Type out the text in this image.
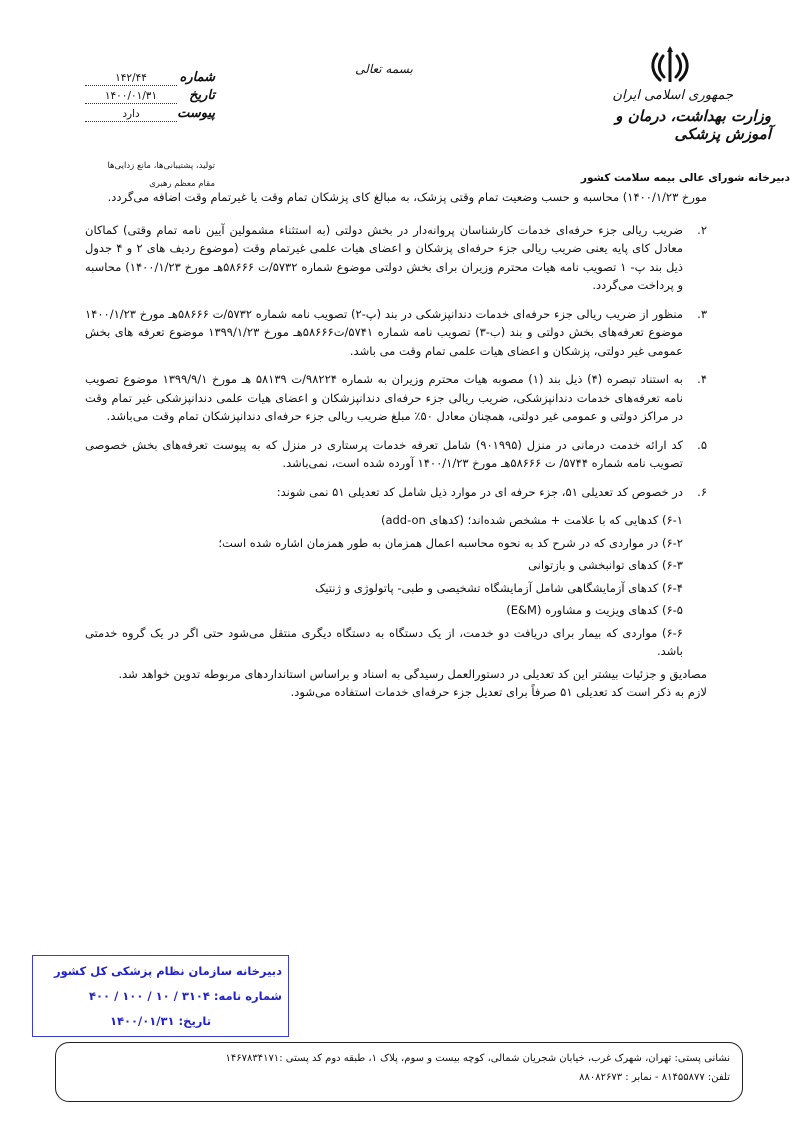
جمهوری اسلامی ایران
وزارت بهداشت، درمان و آموزش پزشکی
دبیرخانه شورای عالی بیمه سلامت کشور
بسمه تعالی
شماره
۱۴۲/۴۴
تاریخ
۱۴۰۰/۰۱/۳۱
پیوست
دارد
تولید، پشتیبانی‌ها، مانع زدایی‌ها
مقام معظم رهبری

مورخ ۱۴۰۰/۱/۲۳) محاسبه و حسب وضعیت تمام وقتی پزشک، به مبالغ کای پزشکان تمام وقت یا غیرتمام وقت اضافه می‌گردد.

۲.
ضریب ریالی جزء حرفه‌ای خدمات کارشناسان پروانه‌دار در بخش دولتی (به استثناء مشمولین آیین نامه تمام وقتی) کماکان معادل کای پایه یعنی ضریب ریالی جزء حرفه‌ای پزشکان و اعضای هیات علمی غیرتمام وقت (موضوع ردیف های ۲ و ۴ جدول ذیل بند پ- ۱ تصویب نامه هیات محترم وزیران برای بخش دولتی موضوع شماره ۵۷۳۲/ت ۵۸۶۶۶هـ مورخ ۱۴۰۰/۱/۲۳) محاسبه و پرداخت می‌گردد.
۳.
منظور از ضریب ریالی جزء حرفه‌ای خدمات دندانپزشکی در بند (پ-۲) تصویب نامه شماره ۵۷۳۲/ت ۵۸۶۶۶هـ مورخ ۱۴۰۰/۱/۲۳ موضوع تعرفه‌های بخش دولتی و بند (ب-۳) تصویب نامه شماره ۵۷۴۱/ت۵۸۶۶۶هـ مورخ ۱۳۹۹/۱/۲۳ موضوع تعرفه های بخش عمومی غیر دولتی، پزشکان و اعضای هیات علمی تمام وقت می باشد.
۴.
به استناد تبصره (۴) ذیل بند (۱) مصوبه هیات محترم وزیران به شماره ۹۸۲۲۴/ت ۵۸۱۳۹ هـ مورخ ۱۳۹۹/۹/۱ موضوع تصویب نامه تعرفه‌های خدمات دندانپزشکی، ضریب ریالی جزء حرفه‌ای دندانپزشکان و اعضای هیات علمی دندانپزشکی غیر تمام وقت در مراکز دولتی و عمومی غیر دولتی، همچنان معادل ۵۰٪ مبلغ ضریب ریالی جزء حرفه‌ای دندانپزشکان تمام وقت می‌باشد.
۵.
کد ارائه خدمت درمانی در منزل (۹۰۱۹۹۵) شامل تعرفه خدمات پرستاری در منزل که به پیوست تعرفه‌های بخش خصوصی تصویب نامه شماره ۵۷۴۴/ ت ۵۸۶۶۶هـ مورخ ۱۴۰۰/۱/۲۳ آورده شده است، نمی‌باشد.
۶.
در خصوص کد تعدیلی ۵۱، جزء حرفه ای در موارد ذیل شامل کد تعدیلی ۵۱ نمی شوند:
۶-۱) کدهایی که با علامت + مشخص شده‌اند؛ (کدهای add-on)
۶-۲) در مواردی که در شرح کد به نحوه محاسبه اعمال همزمان به طور همزمان اشاره شده است؛
۶-۳) کدهای توانبخشی و بازتوانی
۶-۴) کدهای آزمایشگاهی شامل آزمایشگاه تشخیصی و طبی- پاتولوژی و ژنتیک
۶-۵) کدهای ویزیت و مشاوره (E&M)
۶-۶) مواردی که بیمار برای دریافت دو خدمت، از یک دستگاه به دستگاه دیگری منتقل می‌شود حتی اگر در یک گروه خدمتی باشد.

مصادیق و جزئیات بیشتر این کد تعدیلی در دستورالعمل رسیدگی به اسناد و براساس استانداردهای مربوطه تدوین خواهد شد.

لازم به ذکر است کد تعدیلی ۵۱ صرفاً برای تعدیل جزء حرفه‌ای خدمات استفاده می‌شود.

دبیرخانه سازمان نظام پزشکی کل کشور
شماره نامه: ۳۱۰۴ / ۱۰ / ۱۰۰ / ۴۰۰
تاریخ: ۱۴۰۰/۰۱/۳۱
نشانی پستی: تهران، شهرک غرب، خیابان شجریان شمالی، کوچه بیست و سوم، پلاک ۱، طبقه دوم کد پستی :۱۴۶۷۸۳۴۱۷۱
تلفن: ۸۱۴۵۵۸۷۷ - نمابر : ۸۸۰۸۲۶۷۳
